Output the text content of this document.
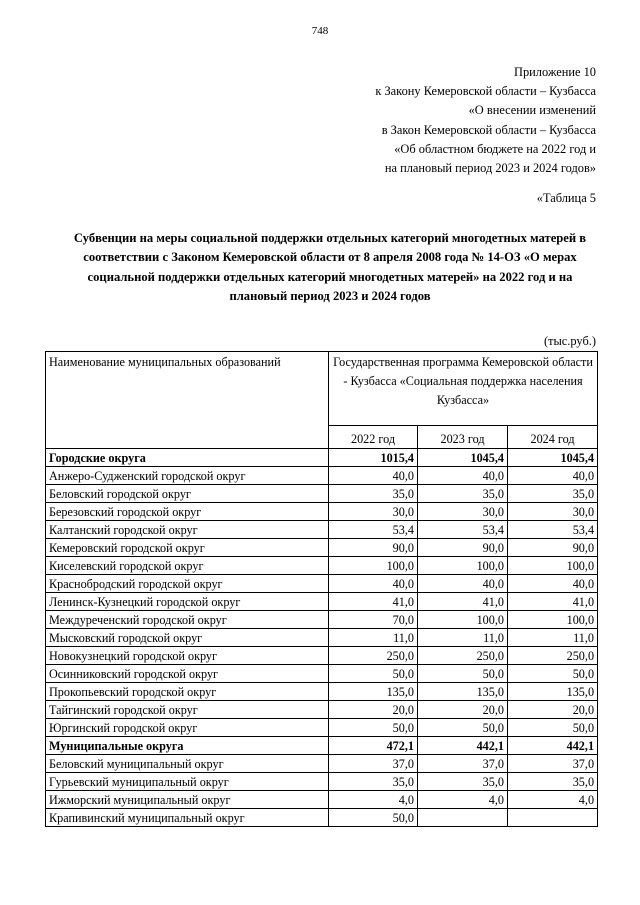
748
Приложение 10
к Закону Кемеровской области – Кузбасса
«О внесении изменений
в Закон Кемеровской области – Кузбасса
«Об областном бюджете на 2022 год и
на плановый период 2023 и 2024 годов»
«Таблица 5
Субвенции на меры социальной поддержки отдельных категорий многодетных матерей в соответствии с Законом Кемеровской области от 8 апреля 2008 года № 14-ОЗ «О мерах социальной поддержки отдельных категорий многодетных матерей» на 2022 год и на плановый период 2023 и 2024 годов
(тыс.руб.)
Наименование муниципальных образований	Государственная программа Кемеровской области - Кузбасса «Социальная поддержка населения Кузбасса»		
	2022 год	2023 год	2024 год
Городские округа	1015,4	1045,4	1045,4
Анжеро-Судженский городской округ	40,0	40,0	40,0
Беловский городской округ	35,0	35,0	35,0
Березовский городской округ	30,0	30,0	30,0
Калтанский городской округ	53,4	53,4	53,4
Кемеровский городской округ	90,0	90,0	90,0
Киселевский городской округ	100,0	100,0	100,0
Краснобродский городской округ	40,0	40,0	40,0
Ленинск-Кузнецкий городской округ	41,0	41,0	41,0
Междуреченский городской округ	70,0	100,0	100,0
Мысковский городской округ	11,0	11,0	11,0
Новокузнецкий городской округ	250,0	250,0	250,0
Осинниковский городской округ	50,0	50,0	50,0
Прокопьевский городской округ	135,0	135,0	135,0
Тайгинский городской округ	20,0	20,0	20,0
Юргинский городской округ	50,0	50,0	50,0
Муниципальные округа	472,1	442,1	442,1
Беловский муниципальный округ	37,0	37,0	37,0
Гурьевский муниципальный округ	35,0	35,0	35,0
Ижморский муниципальный округ	4,0	4,0	4,0
Крапивинский муниципальный округ	50,0		
